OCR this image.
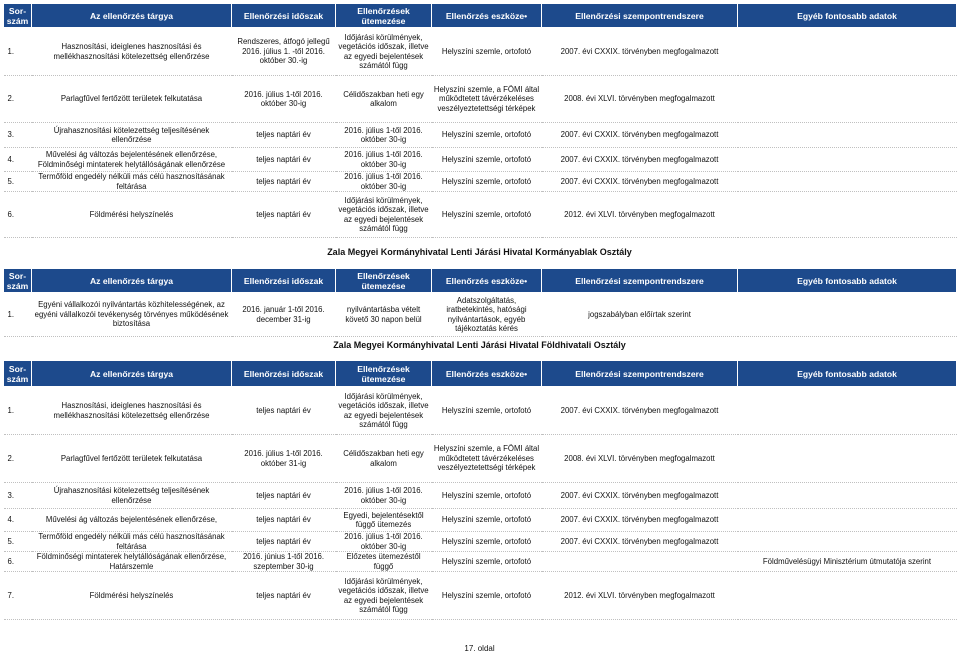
Sor-szám	Az ellenőrzés tárgya	Ellenőrzési időszak	Ellenőrzések ütemezése	Ellenőrzés eszköze•	Ellenőrzési szempontrendszere	Egyéb fontosabb adatok
1.	Hasznosítási, ideiglenes hasznosítási és mellékhasznosítási kötelezettség ellenőrzése	Rendszeres, átfogó jellegű 2016. július 1. -től 2016. október 30.-ig	Időjárási körülmények, vegetációs időszak, illetve az egyedi bejelentések számától függ	Helyszíni szemle, ortofotó	2007. évi CXXIX. törvényben megfogalmazott	
2.	Parlagfűvel fertőzött területek felkutatása	2016. július 1-től 2016. október 30-ig	Célidőszakban heti egy alkalom	Helyszíni szemle, a FÖMI által működtetett távérzékeléses veszélyeztetettségi térképek	2008. évi XLVI. törvényben megfogalmazott	
3.	Újrahasznosítási kötelezettség teljesítésének ellenőrzése	teljes naptári év	2016. július 1-től 2016. október 30-ig	Helyszíni szemle, ortofotó	2007. évi CXXIX. törvényben megfogalmazott	
4.	Művelési ág változás bejelentésének ellenőrzése, Földminőségi mintaterek helytállóságának ellenőrzése	teljes naptári év	2016. július 1-től 2016. október 30-ig	Helyszíni szemle, ortofotó	2007. évi CXXIX. törvényben megfogalmazott	
5.	Termőföld engedély nélküli más célú hasznosításának feltárása	teljes naptári év	2016. július 1-től 2016. október 30-ig	Helyszíni szemle, ortofotó	2007. évi CXXIX. törvényben megfogalmazott	
6.	Földmérési helyszínelés	teljes naptári év	Időjárási körülmények, vegetációs időszak, illetve az egyedi bejelentések számától függ	Helyszíni szemle, ortofotó	2012. évi XLVI. törvényben megfogalmazott	
Zala Megyei Kormányhivatal Lenti Járási Hivatal Kormányablak Osztály
Sor-szám	Az ellenőrzés tárgya	Ellenőrzési időszak	Ellenőrzések ütemezése	Ellenőrzés eszköze•	Ellenőrzési szempontrendszere	Egyéb fontosabb adatok
1.	Egyéni vállalkozói nyilvántartás közhitelességének, az egyéni vállalkozói tevékenység törvényes működésének biztosítása	2016. január 1-től 2016. december 31-ig	nyilvántartásba vételt követő 30 napon belül	Adatszolgáltatás, iratbetekintés, hatósági nyilvántartások, egyéb tájékoztatás kérés	jogszabályban előírtak szerint	
Zala Megyei Kormányhivatal Lenti Járási Hivatal Földhivatali Osztály
Sor-szám	Az ellenőrzés tárgya	Ellenőrzési időszak	Ellenőrzések ütemezése	Ellenőrzés eszköze•	Ellenőrzési szempontrendszere	Egyéb fontosabb adatok
1.	Hasznosítási, ideiglenes hasznosítási és mellékhasznosítási kötelezettség ellenőrzése	teljes naptári év	Időjárási körülmények, vegetációs időszak, illetve az egyedi bejelentések számától függ	Helyszíni szemle, ortofotó	2007. évi CXXIX. törvényben megfogalmazott	
2.	Parlagfűvel fertőzött területek felkutatása	2016. július 1-től 2016. október 31-ig	Célidőszakban heti egy alkalom	Helyszíni szemle, a FÖMI által működtetett távérzékeléses veszélyeztetettségi térképek	2008. évi XLVI. törvényben megfogalmazott	
3.	Újrahasznosítási kötelezettség teljesítésének ellenőrzése	teljes naptári év	2016. július 1-től 2016. október 30-ig	Helyszíni szemle, ortofotó	2007. évi CXXIX. törvényben megfogalmazott	
4.	Művelési ág változás bejelentésének ellenőrzése,	teljes naptári év	Egyedi, bejelentésektől függő ütemezés	Helyszíni szemle, ortofotó	2007. évi CXXIX. törvényben megfogalmazott	
5.	Termőföld engedély nélküli más célú hasznosításának feltárása	teljes naptári év	2016. július 1-től 2016. október 30-ig	Helyszíni szemle, ortofotó	2007. évi CXXIX. törvényben megfogalmazott	
6.	Földminőségi mintaterek helytállóságának ellenőrzése, Határszemle	2016. június 1-től 2016. szeptember 30-ig	Előzetes ütemezéstől függő	Helyszíni szemle, ortofotó		Földművelésügyi Minisztérium útmutatója szerint
7.	Földmérési helyszínelés	teljes naptári év	Időjárási körülmények, vegetációs időszak, illetve az egyedi bejelentések számától függ	Helyszíni szemle, ortofotó	2012. évi XLVI. törvényben megfogalmazott	
17. oldal
